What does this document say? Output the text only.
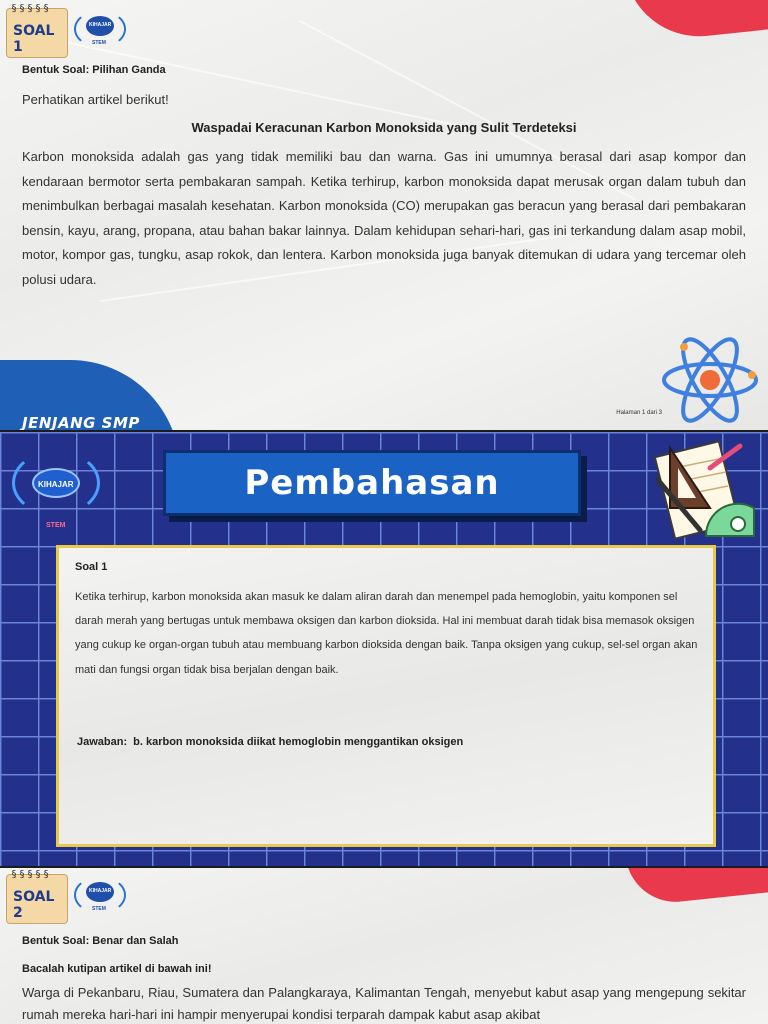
§§§§§
SOAL 1
KIHAJAR
STEM
Bentuk Soal: Pilihan Ganda
Perhatikan artikel berikut!
Waspadai Keracunan Karbon Monoksida yang Sulit Terdeteksi

Karbon monoksida adalah gas yang tidak memiliki bau dan warna. Gas ini umumnya berasal dari asap kompor dan kendaraan bermotor serta pembakaran sampah. Ketika terhirup, karbon monoksida dapat merusak organ dalam tubuh dan menimbulkan berbagai masalah kesehatan. Karbon monoksida (CO) merupakan gas beracun yang berasal dari pembakaran bensin, kayu, arang, propana, atau bahan bakar lainnya. Dalam kehidupan sehari-hari, gas ini terkandung dalam asap mobil, motor, kompor gas, tungku, asap rokok, dan lentera. Karbon monoksida juga banyak ditemukan di udara yang tercemar oleh polusi udara.

JENJANG SMP
Halaman 1 dari 3
KIHAJAR
STEM
Pembahasan
Soal 1

Ketika terhirup, karbon monoksida akan masuk ke dalam aliran darah dan menempel pada hemoglobin, yaitu komponen sel darah merah yang bertugas untuk membawa oksigen dan karbon dioksida. Hal ini membuat darah tidak bisa memasok oksigen yang cukup ke organ-organ tubuh atau membuang karbon dioksida dengan baik. Tanpa oksigen yang cukup, sel-sel organ akan mati dan fungsi organ tidak bisa berjalan dengan baik.

Jawaban: b. karbon monoksida diikat hemoglobin menggantikan oksigen
§§§§§
SOAL 2
KIHAJAR
STEM
Bentuk Soal: Benar dan Salah
Bacalah kutipan artikel di bawah ini!

Warga di Pekanbaru, Riau, Sumatera dan Palangkaraya, Kalimantan Tengah, menyebut kabut asap yang mengepung sekitar rumah mereka hari-hari ini hampir menyerupai kondisi terparah dampak kabut asap akibat
